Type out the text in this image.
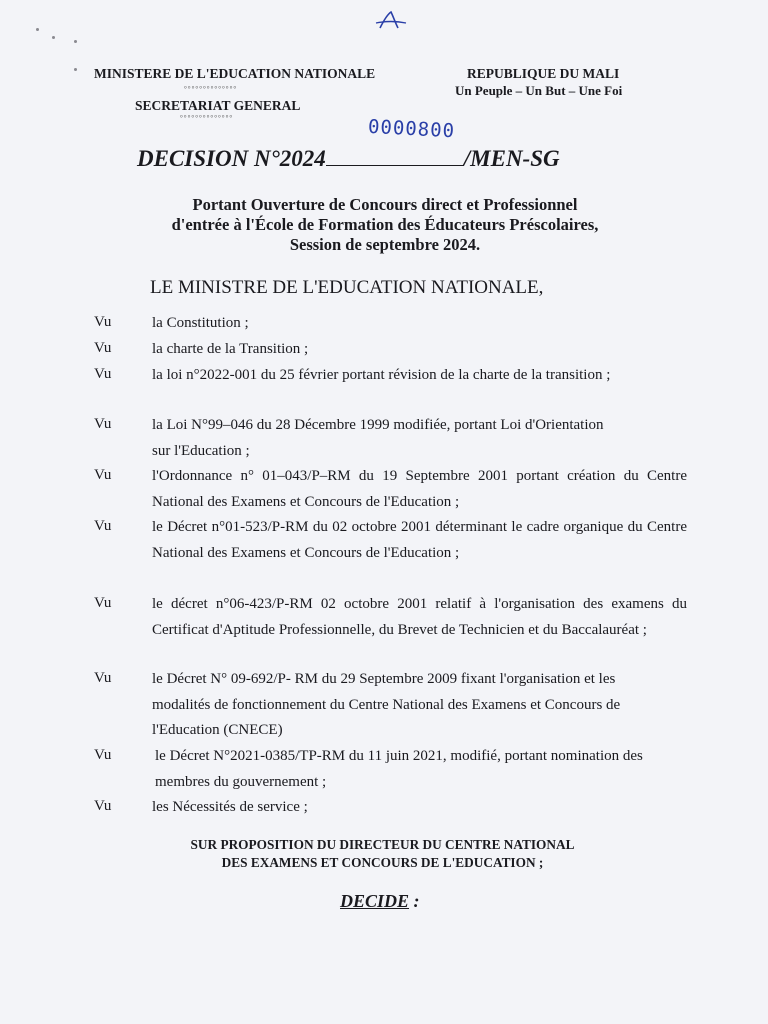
MINISTERE DE L'EDUCATION NATIONALE
°°°°°°°°°°°°°°
SECRETARIAT GENERAL
°°°°°°°°°°°°°°
REPUBLIQUE DU MALI
Un Peuple – Un But – Une Foi
0000800
DECISION N°2024	/MEN-SG
Portant Ouverture de Concours direct et Professionnel
d'entrée à l'École de Formation des Éducateurs Préscolaires,
Session de septembre 2024.
LE MINISTRE DE L'EDUCATION NATIONALE,
Vu	la Constitution ;
Vu	la charte de la Transition ;
Vu	la loi n°2022-001 du 25 février portant révision de la charte de la transition ;
Vu	la Loi N°99–046 du 28 Décembre 1999 modifiée, portant Loi d'Orientation sur l'Education ;
Vu	l'Ordonnance n° 01–043/P–RM du 19 Septembre 2001 portant création du Centre National des Examens et Concours de l'Education ;
Vu	le Décret n°01-523/P-RM du 02 octobre 2001 déterminant le cadre organique du Centre National des Examens et Concours de l'Education ;
Vu	le décret n°06-423/P-RM 02 octobre 2001 relatif à l'organisation des examens du Certificat d'Aptitude Professionnelle, du Brevet de Technicien et du Baccalauréat ;
Vu	le Décret N° 09-692/P- RM du 29 Septembre 2009 fixant l'organisation et les modalités de fonctionnement du Centre National des Examens et Concours de l'Education (CNECE)
Vu	le Décret N°2021-0385/TP-RM du 11 juin 2021, modifié, portant nomination des membres du gouvernement ;
Vu	les Nécessités de service ;
SUR PROPOSITION DU DIRECTEUR DU CENTRE NATIONAL
DES EXAMENS ET CONCOURS DE L'EDUCATION ;
DECIDE :
